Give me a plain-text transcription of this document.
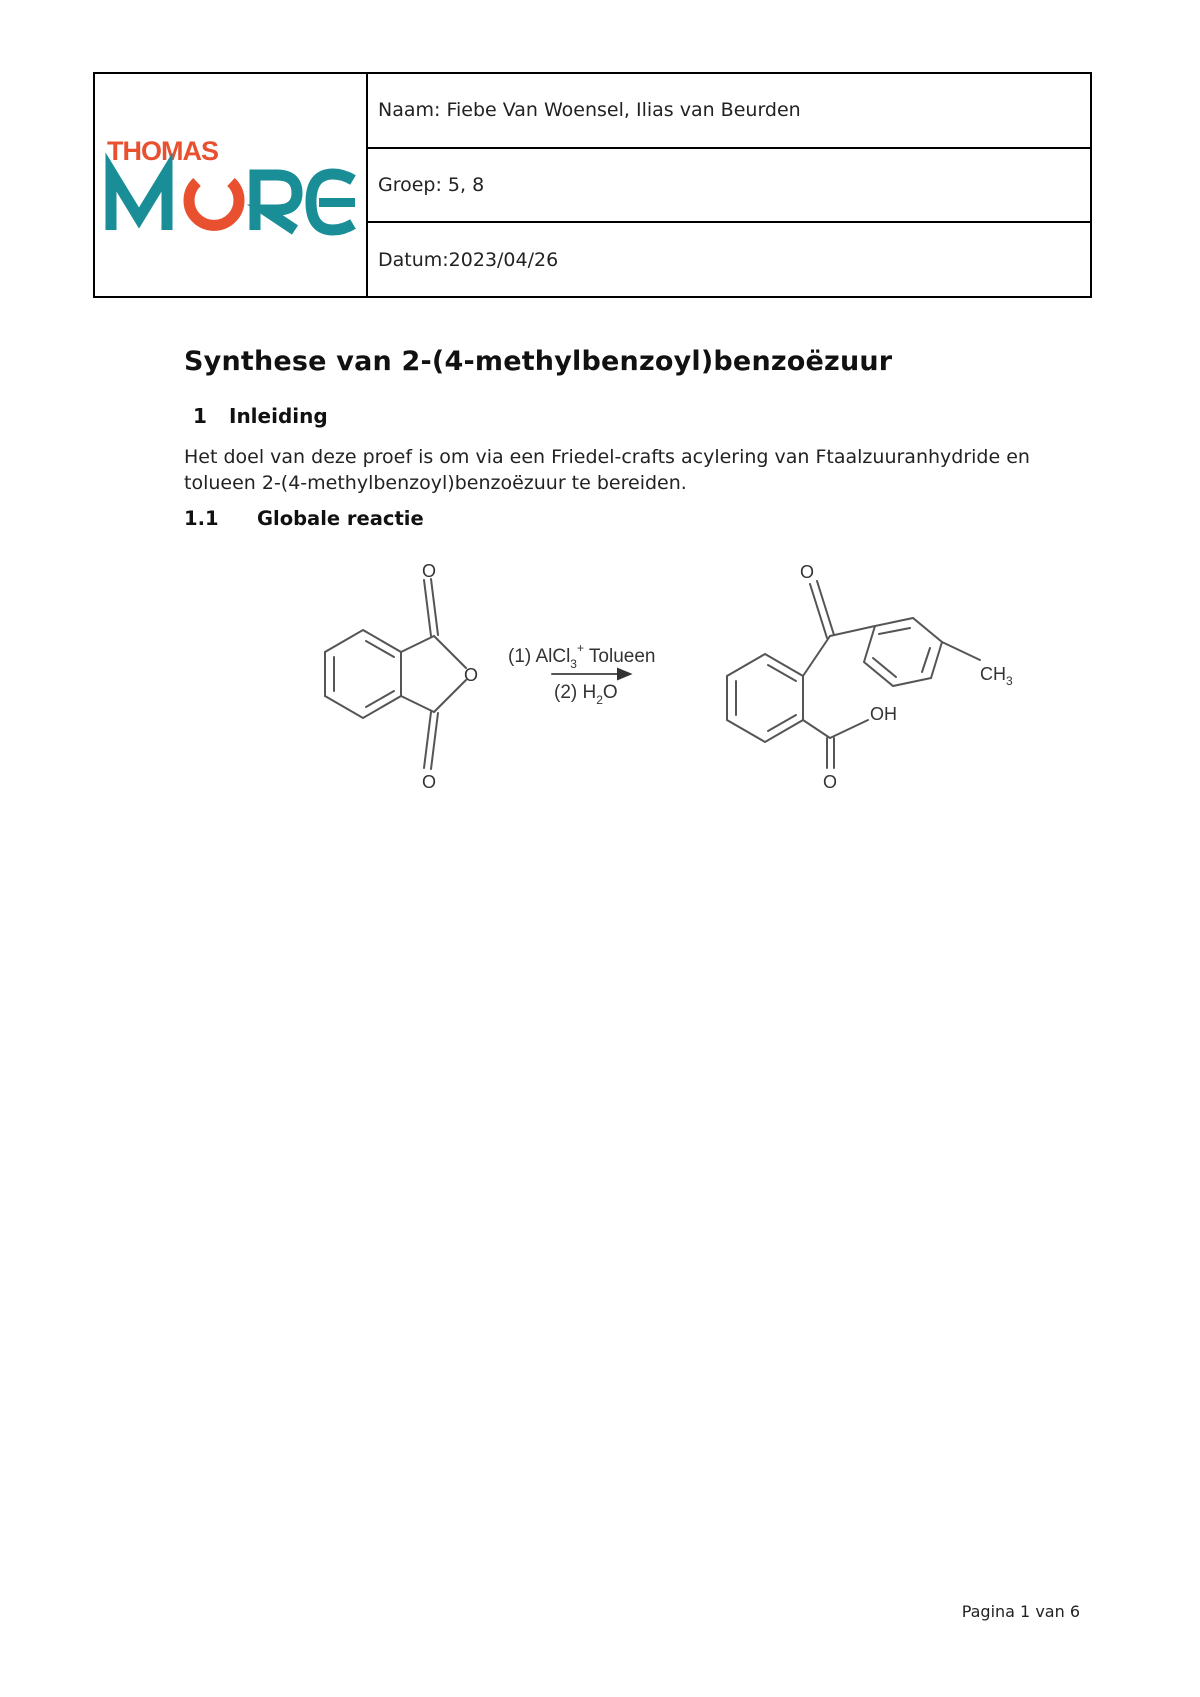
THOMAS
Naam: Fiebe Van Woensel, Ilias van Beurden
Groep: 5, 8
Datum:2023/04/26
Synthese van 2-(4-methylbenzoyl)benzoëzuur
1	Inleiding

Het doel van deze proef is om via een Friedel-crafts acylering van Ftaalzuuranhydride en tolueen 2-(4-methylbenzoyl)benzoëzuur te bereiden.

1.1	Globale reactie
O
O
O
(1) AlCl$_3$+ Tolueen
(2) $H_2O$
O
$CH_3$
OH
O
Pagina 1 van 6
